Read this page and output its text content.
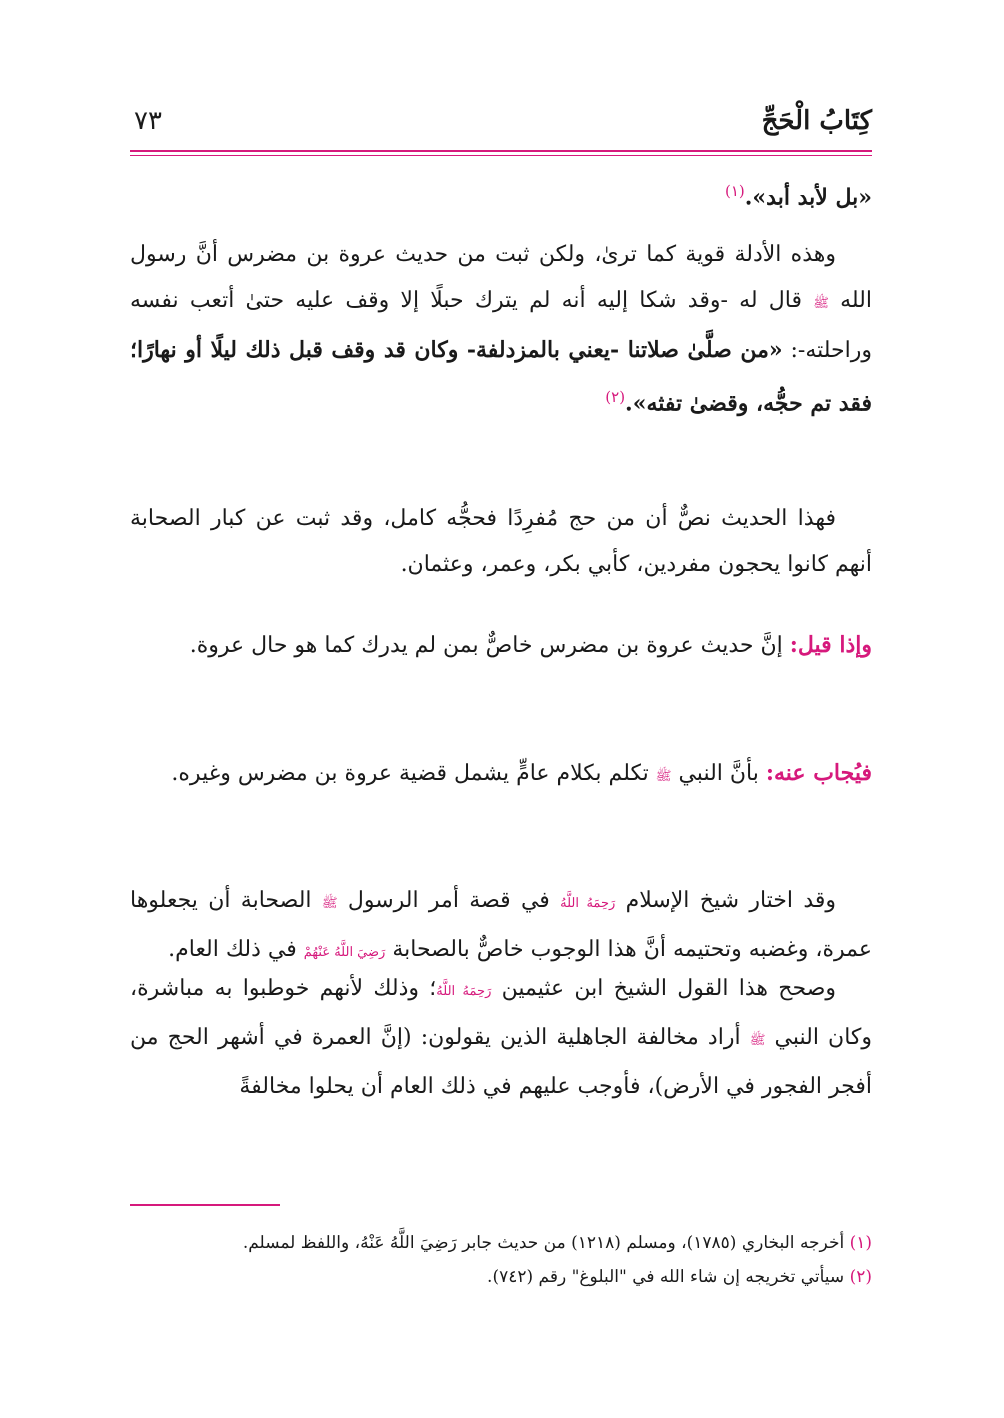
كِتَابُ الْحَجِّ
٧٣

«بل لأبد أبد».$^{(١)}$

وهذه الأدلة قوية كما ترىٰ، ولكن ثبت من حديث عروة بن مضرس أنَّ رسول الله ﷺ قال له -وقد شكا إليه أنه لم يترك حبلًا إلا وقف عليه حتىٰ أتعب نفسه وراحلته-: «من صلَّىٰ صلاتنا -يعني بالمزدلفة- وكان قد وقف قبل ذلك ليلًا أو نهارًا؛ فقد تم حجُّه، وقضىٰ تفثه».$^{(٢)}$

فهذا الحديث نصٌّ أن من حج مُفرِدًا فحجُّه كامل، وقد ثبت عن كبار الصحابة أنهم كانوا يحجون مفردين، كأبي بكر، وعمر، وعثمان.

وإذا قيل: إنَّ حديث عروة بن مضرس خاصٌّ بمن لم يدرك كما هو حال عروة.

فيُجاب عنه: بأنَّ النبي ﷺ تكلم بكلام عامٍّ يشمل قضية عروة بن مضرس وغيره.

وقد اختار شيخ الإسلام رَحِمَهُ اللَّهُ في قصة أمر الرسول ﷺ الصحابة أن يجعلوها عمرة، وغضبه وتحتيمه أنَّ هذا الوجوب خاصٌّ بالصحابة رَضِيَ اللَّهُ عَنْهُمْ في ذلك العام.

وصحح هذا القول الشيخ ابن عثيمين رَحِمَهُ اللَّهُ؛ وذلك لأنهم خوطبوا به مباشرة، وكان النبي ﷺ أراد مخالفة الجاهلية الذين يقولون: (إنَّ العمرة في أشهر الحج من أفجر الفجور في الأرض)، فأوجب عليهم في ذلك العام أن يحلوا مخالفةً

(١) أخرجه البخاري (١٧٨٥)، ومسلم (١٢١٨) من حديث جابر رَضِيَ اللَّهُ عَنْهُ، واللفظ لمسلم.
(٢) سيأتي تخريجه إن شاء الله في "البلوغ" رقم (٧٤٢).
